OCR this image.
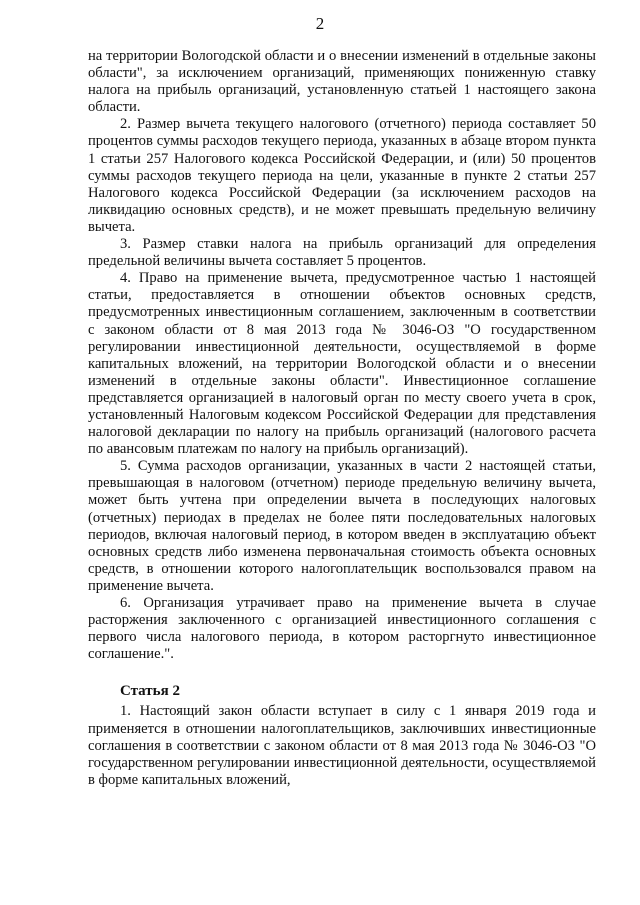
2

на территории Вологодской области и о внесении изменений в отдельные законы области", за исключением организаций, применяющих пониженную ставку налога на прибыль организаций, установленную статьей 1 настоящего закона области.

2. Размер вычета текущего налогового (отчетного) периода составляет 50 процентов суммы расходов текущего периода, указанных в абзаце втором пункта 1 статьи 257 Налогового кодекса Российской Федерации, и (или) 50 процентов суммы расходов текущего периода на цели, указанные в пункте 2 статьи 257 Налогового кодекса Российской Федерации (за исключением расходов на ликвидацию основных средств), и не может превышать предельную величину вычета.

3. Размер ставки налога на прибыль организаций для определения предельной величины вычета составляет 5 процентов.

4. Право на применение вычета, предусмотренное частью 1 настоящей статьи, предоставляется в отношении объектов основных средств, предусмотренных инвестиционным соглашением, заключенным в соответствии с законом области от 8 мая 2013 года № 3046-ОЗ "О государственном регулировании инвестиционной деятельности, осуществляемой в форме капитальных вложений, на территории Вологодской области и о внесении изменений в отдельные законы области". Инвестиционное соглашение представляется организацией в налоговый орган по месту своего учета в срок, установленный Налоговым кодексом Российской Федерации для представления налоговой декларации по налогу на прибыль организаций (налогового расчета по авансовым платежам по налогу на прибыль организаций).

5. Сумма расходов организации, указанных в части 2 настоящей статьи, превышающая в налоговом (отчетном) периоде предельную величину вычета, может быть учтена при определении вычета в последующих налоговых (отчетных) периодах в пределах не более пяти последовательных налоговых периодов, включая налоговый период, в котором введен в эксплуатацию объект основных средств либо изменена первоначальная стоимость объекта основных средств, в отношении которого налогоплательщик воспользовался правом на применение вычета.

6. Организация утрачивает право на применение вычета в случае расторжения заключенного с организацией инвестиционного соглашения с первого числа налогового периода, в котором расторгнуто инвестиционное соглашение.".

Статья 2

1. Настоящий закон области вступает в силу с 1 января 2019 года и применяется в отношении налогоплательщиков, заключивших инвестиционные соглашения в соответствии с законом области от 8 мая 2013 года № 3046-ОЗ "О государственном регулировании инвестиционной деятельности, осуществляемой в форме капитальных вложений,
